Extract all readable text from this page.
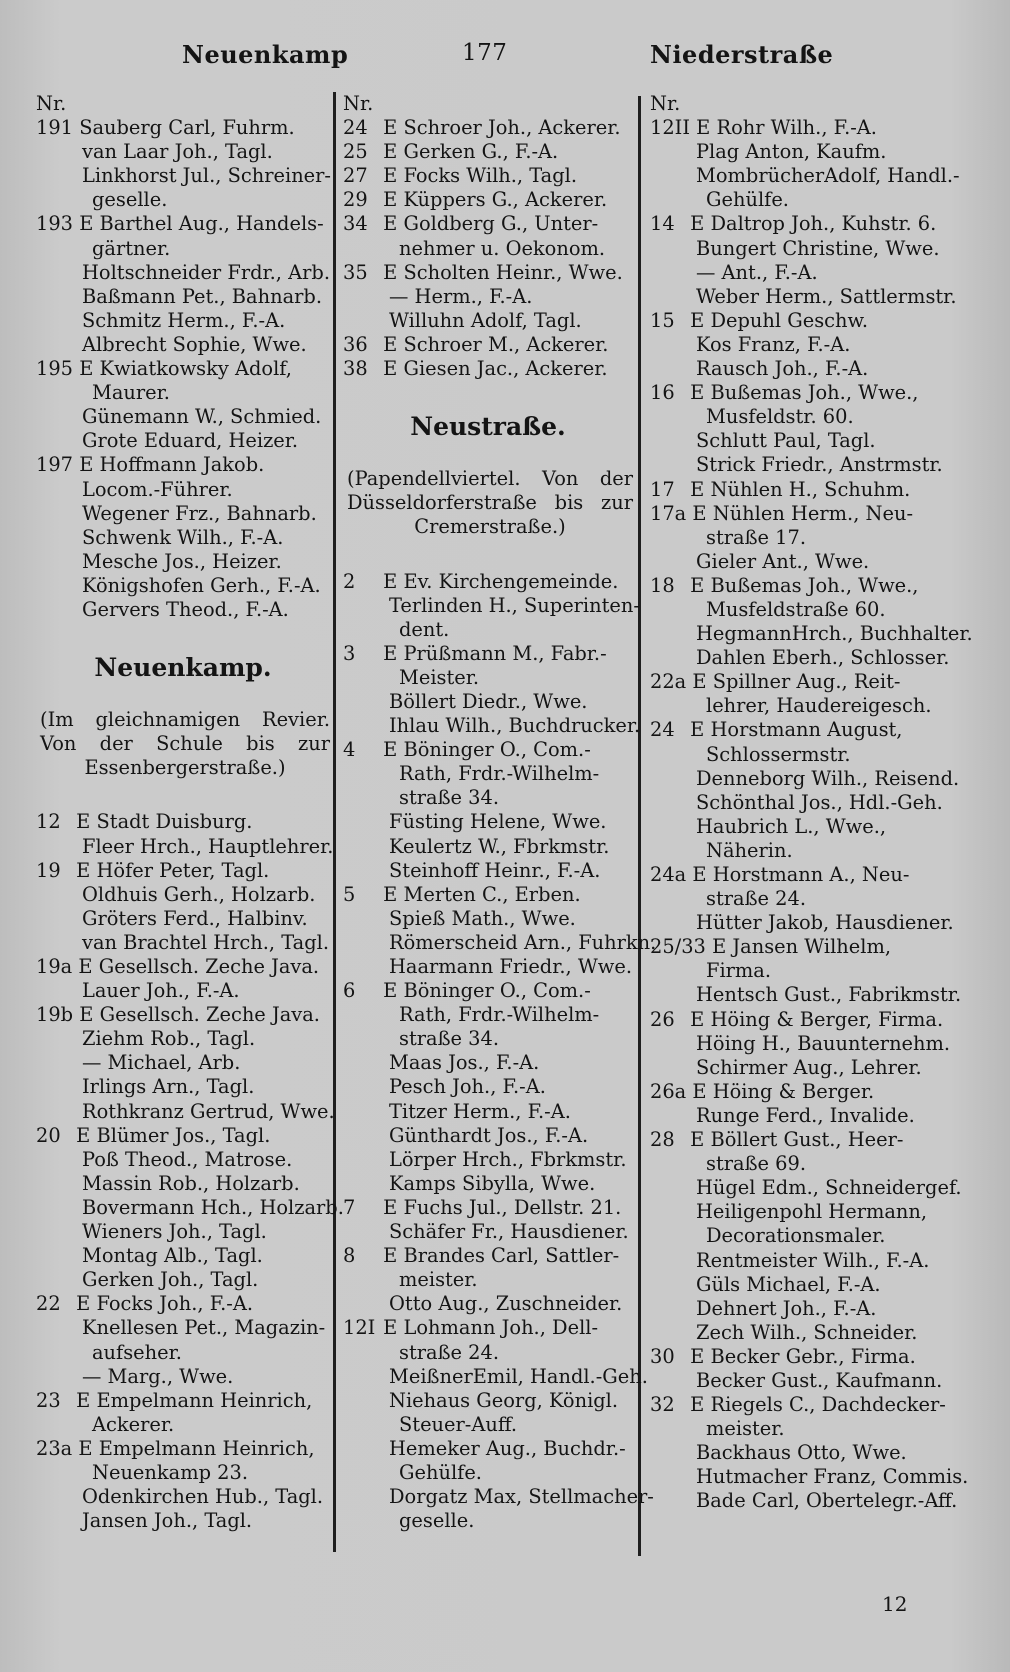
Neuenkamp	177	Niederstraße
Nr.
191 Sauberg Carl, Fuhrm.
van Laar Joh., Tagl.
Linkhorst Jul., Schreiner-
geselle.
193 E Barthel Aug., Handels-
gärtner.
Holtschneider Frdr., Arb.
Baßmann Pet., Bahnarb.
Schmitz Herm., F.-A.
Albrecht Sophie, Wwe.
195 E Kwiatkowsky Adolf,
Maurer.
Günemann W., Schmied.
Grote Eduard, Heizer.
197 E Hoffmann Jakob.
Locom.-Führer.
Wegener Frz., Bahnarb.
Schwenk Wilh., F.-A.
Mesche Jos., Heizer.
Königshofen Gerh., F.-A.
Gervers Theod., F.-A.
Neuenkamp.
(Im gleichnamigen Revier. Von der Schule bis zur Essenbergerstraße.)
12 E Stadt Duisburg.
Fleer Hrch., Hauptlehrer.
19 E Höfer Peter, Tagl.
Oldhuis Gerh., Holzarb.
Gröters Ferd., Halbinv.
van Brachtel Hrch., Tagl.
19a E Gesellsch. Zeche Java.
Lauer Joh., F.-A.
19b E Gesellsch. Zeche Java.
Ziehm Rob., Tagl.
— Michael, Arb.
Irlings Arn., Tagl.
Rothkranz Gertrud, Wwe.
20 E Blümer Jos., Tagl.
Poß Theod., Matrose.
Massin Rob., Holzarb.
Bovermann Hch., Holzarb.
Wieners Joh., Tagl.
Montag Alb., Tagl.
Gerken Joh., Tagl.
22 E Focks Joh., F.-A.
Knellesen Pet., Magazin-
aufseher.
— Marg., Wwe.
23 E Empelmann Heinrich,
Ackerer.
23a E Empelmann Heinrich,
Neuenkamp 23.
Odenkirchen Hub., Tagl.
Jansen Joh., Tagl.
Nr.
24 E Schroer Joh., Ackerer.
25 E Gerken G., F.-A.
27 E Focks Wilh., Tagl.
29 E Küppers G., Ackerer.
34 E Goldberg G., Unter-
nehmer u. Oekonom.
35 E Scholten Heinr., Wwe.
— Herm., F.-A.
Willuhn Adolf, Tagl.
36 E Schroer M., Ackerer.
38 E Giesen Jac., Ackerer.
Neustraße.
(Papendellviertel. Von der Düsseldorferstraße bis zur Cremerstraße.)
2 E Ev. Kirchengemeinde.
Terlinden H., Superinten-
dent.
3 E Prüßmann M., Fabr.-
Meister.
Böllert Diedr., Wwe.
Ihlau Wilh., Buchdrucker.
4 E Böninger O., Com.-
Rath, Frdr.-Wilhelm-
straße 34.
Füsting Helene, Wwe.
Keulertz W., Fbrkmstr.
Steinhoff Heinr., F.-A.
5 E Merten C., Erben.
Spieß Math., Wwe.
Römerscheid Arn., Fuhrkn.
Haarmann Friedr., Wwe.
6 E Böninger O., Com.-
Rath, Frdr.-Wilhelm-
straße 34.
Maas Jos., F.-A.
Pesch Joh., F.-A.
Titzer Herm., F.-A.
Günthardt Jos., F.-A.
Lörper Hrch., Fbrkmstr.
Kamps Sibylla, Wwe.
7 E Fuchs Jul., Dellstr. 21.
Schäfer Fr., Hausdiener.
8 E Brandes Carl, Sattler-
meister.
Otto Aug., Zuschneider.
12I E Lohmann Joh., Dell-
straße 24.
MeißnerEmil, Handl.-Geh.
Niehaus Georg, Königl.
Steuer-Auff.
Hemeker Aug., Buchdr.-
Gehülfe.
Dorgatz Max, Stellmacher-
geselle.
Nr.
12II E Rohr Wilh., F.-A.
Plag Anton, Kaufm.
MombrücherAdolf, Handl.-
Gehülfe.
14 E Daltrop Joh., Kuhstr. 6.
Bungert Christine, Wwe.
— Ant., F.-A.
Weber Herm., Sattlermstr.
15 E Depuhl Geschw.
Kos Franz, F.-A.
Rausch Joh., F.-A.
16 E Bußemas Joh., Wwe.,
Musfeldstr. 60.
Schlutt Paul, Tagl.
Strick Friedr., Anstrmstr.
17 E Nühlen H., Schuhm.
17a E Nühlen Herm., Neu-
straße 17.
Gieler Ant., Wwe.
18 E Bußemas Joh., Wwe.,
Musfeldstraße 60.
HegmannHrch., Buchhalter.
Dahlen Eberh., Schlosser.
22a E Spillner Aug., Reit-
lehrer, Haudereigesch.
24 E Horstmann August,
Schlossermstr.
Denneborg Wilh., Reisend.
Schönthal Jos., Hdl.-Geh.
Haubrich L., Wwe.,
Näherin.
24a E Horstmann A., Neu-
straße 24.
Hütter Jakob, Hausdiener.
25/33 E Jansen Wilhelm,
Firma.
Hentsch Gust., Fabrikmstr.
26 E Höing & Berger, Firma.
Höing H., Bauunternehm.
Schirmer Aug., Lehrer.
26a E Höing & Berger.
Runge Ferd., Invalide.
28 E Böllert Gust., Heer-
straße 69.
Hügel Edm., Schneidergef.
Heiligenpohl Hermann,
Decorationsmaler.
Rentmeister Wilh., F.-A.
Güls Michael, F.-A.
Dehnert Joh., F.-A.
Zech Wilh., Schneider.
30 E Becker Gebr., Firma.
Becker Gust., Kaufmann.
32 E Riegels C., Dachdecker-
meister.
Backhaus Otto, Wwe.
Hutmacher Franz, Commis.
Bade Carl, Obertelegr.-Aff.
12
